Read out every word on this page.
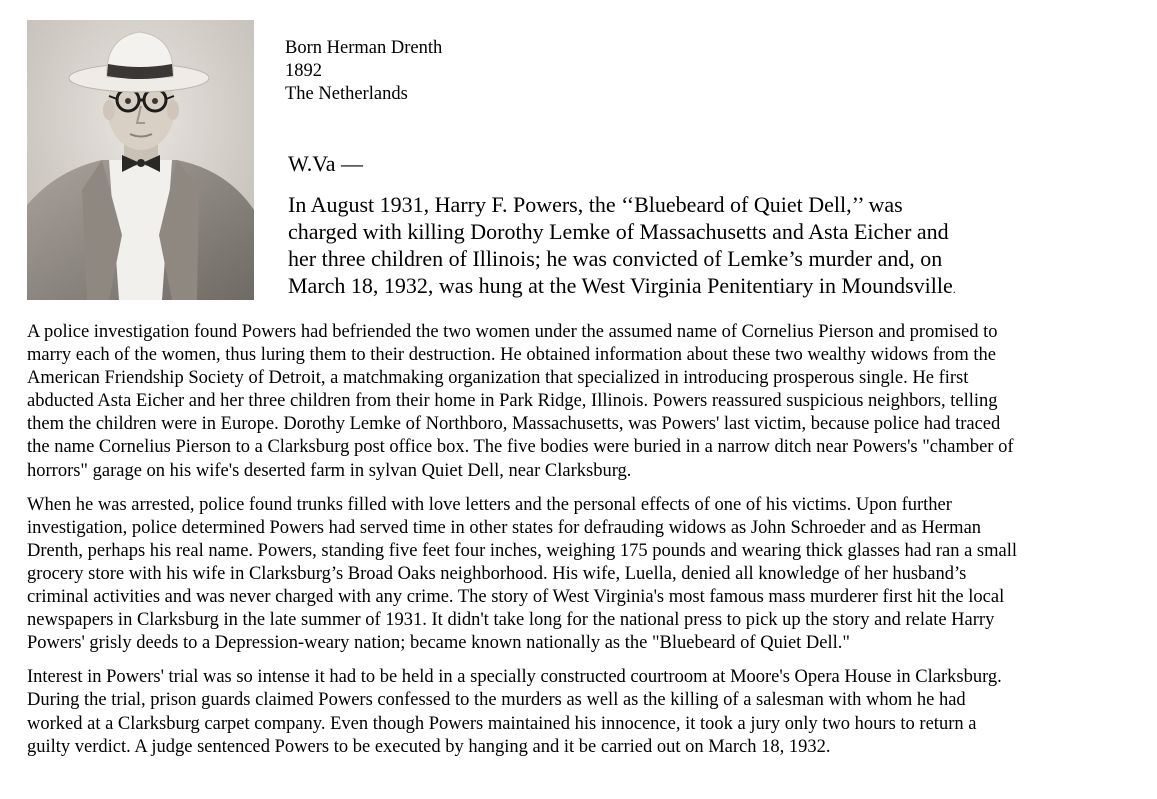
Born Herman Drenth
1892
The Netherlands
W.Va —
In August 1931, Harry F. Powers, the ‘‘Bluebeard of Quiet Dell,’’ was
charged with killing Dorothy Lemke of Massachusetts and Asta Eicher and
her three children of Illinois; he was convicted of Lemke’s murder and, on
March 18, 1932, was hung at the West Virginia Penitentiary in Moundsville.

A police investigation found Powers had befriended the two women under the assumed name of Cornelius Pierson and promised to
marry each of the women, thus luring them to their destruction. He obtained information about these two wealthy widows from the
American Friendship Society of Detroit, a matchmaking organization that specialized in introducing prosperous single. He first
abducted Asta Eicher and her three children from their home in Park Ridge, Illinois. Powers reassured suspicious neighbors, telling
them the children were in Europe. Dorothy Lemke of Northboro, Massachusetts, was Powers' last victim, because police had traced
the name Cornelius Pierson to a Clarksburg post office box. The five bodies were buried in a narrow ditch near Powers's "chamber of
horrors" garage on his wife's deserted farm in sylvan Quiet Dell, near Clarksburg.

When he was arrested, police found trunks filled with love letters and the personal effects of one of his victims. Upon further
investigation, police determined Powers had served time in other states for defrauding widows as John Schroeder and as Herman
Drenth, perhaps his real name. Powers, standing five feet four inches, weighing 175 pounds and wearing thick glasses had ran a small
grocery store with his wife in Clarksburg’s Broad Oaks neighborhood. His wife, Luella, denied all knowledge of her husband’s
criminal activities and was never charged with any crime. The story of West Virginia's most famous mass murderer first hit the local
newspapers in Clarksburg in the late summer of 1931. It didn't take long for the national press to pick up the story and relate Harry
Powers' grisly deeds to a Depression-weary nation; became known nationally as the "Bluebeard of Quiet Dell."

Interest in Powers' trial was so intense it had to be held in a specially constructed courtroom at Moore's Opera House in Clarksburg.
During the trial, prison guards claimed Powers confessed to the murders as well as the killing of a salesman with whom he had
worked at a Clarksburg carpet company. Even though Powers maintained his innocence, it took a jury only two hours to return a
guilty verdict. A judge sentenced Powers to be executed by hanging and it be carried out on March 18, 1932.
